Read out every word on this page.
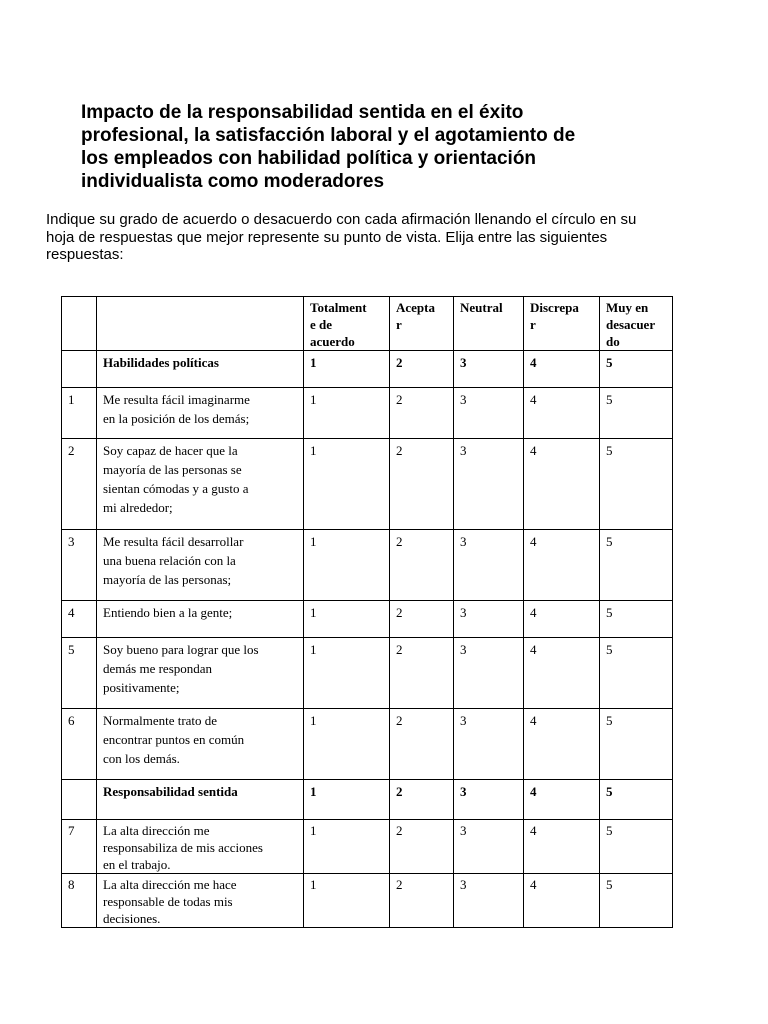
Impacto de la responsabilidad sentida en el éxito
profesional, la satisfacción laboral y el agotamiento de
los empleados con habilidad política y orientación
individualista como moderadores
Indique su grado de acuerdo o desacuerdo con cada afirmación llenando el círculo en su
hoja de respuestas que mejor represente su punto de vista. Elija entre las siguientes
respuestas:

		Totalment
e de
acuerdo	Acepta
r	Neutral	Discrepa
r	Muy en
desacuer
do

	Habilidades políticas	1	2	3	4	5
1	Me resulta fácil imaginarme
en la posición de los demás;	1	2	3	4	5
2	Soy capaz de hacer que la
mayoría de las personas se
sientan cómodas y a gusto a
mi alrededor;	1	2	3	4	5
3	Me resulta fácil desarrollar
una buena relación con la
mayoría de las personas;	1	2	3	4	5
4	Entiendo bien a la gente;	1	2	3	4	5
5	Soy bueno para lograr que los
demás me respondan
positivamente;	1	2	3	4	5
6	Normalmente trato de
encontrar puntos en común
con los demás.	1	2	3	4	5

	Responsabilidad sentida	1	2	3	4	5
7	La alta dirección me
responsabiliza de mis acciones
en el trabajo.	1	2	3	4	5
8	La alta dirección me hace
responsable de todas mis
decisiones.	1	2	3	4	5
